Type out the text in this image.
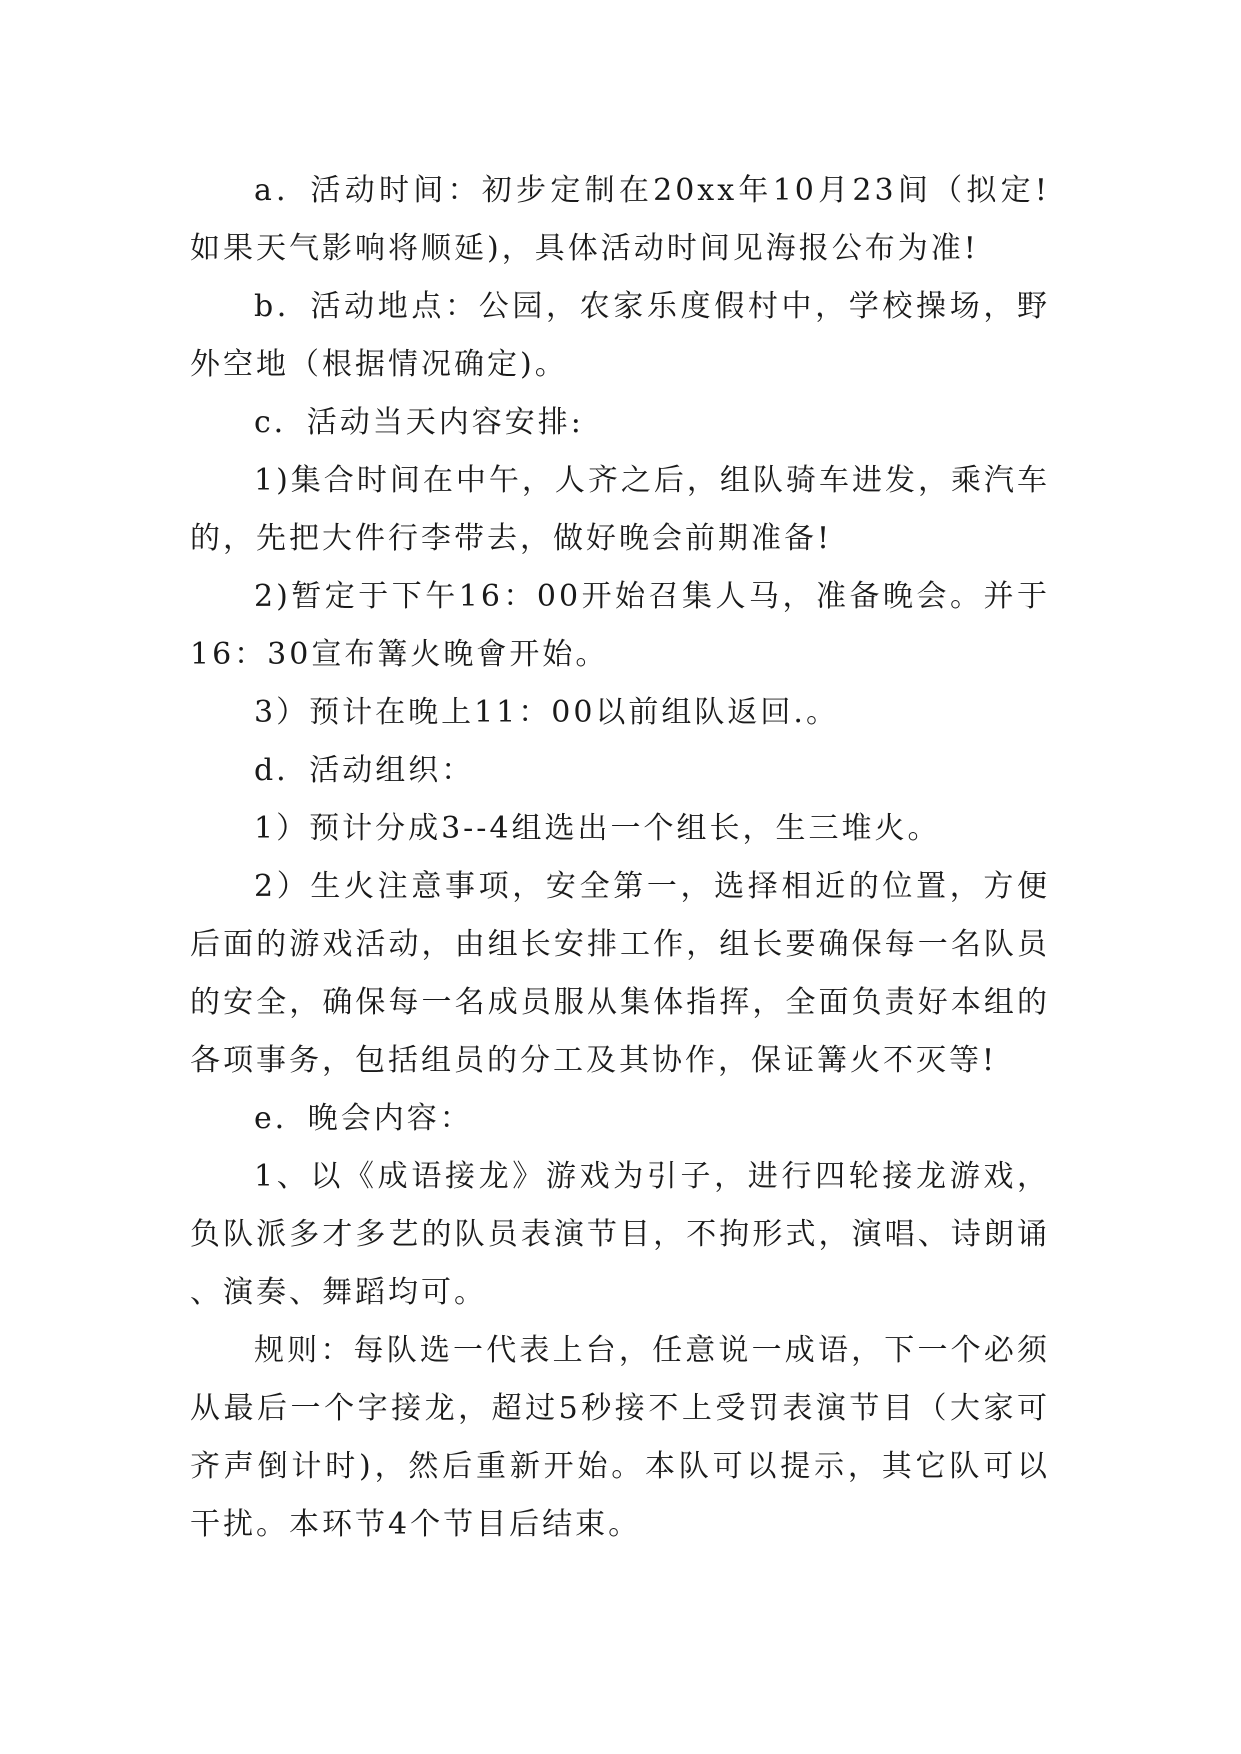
a．活动时间：初步定制在20xx年10月23间（拟定!如果天气影响将顺延)，具体活动时间见海报公布为准!

b．活动地点：公园，农家乐度假村中，学校操场，野外空地（根据情况确定)。

c．活动当天内容安排:

1)集合时间在中午，人齐之后，组队骑车进发，乘汽车的，先把大件行李带去，做好晚会前期准备!

2)暂定于下午16：00开始召集人马，准备晚会。并于16：30宣布篝火晚會开始。

3）预计在晚上11：00以前组队返回.。

d．活动组织：

1）预计分成3--4组选出一个组长，生三堆火。

2）生火注意事项，安全第一，选择相近的位置，方便后面的游戏活动，由组长安排工作，组长要确保每一名队员的安全，确保每一名成员服从集体指挥，全面负责好本组的各项事务，包括组员的分工及其协作，保证篝火不灭等!

e．晚会内容：

1、以《成语接龙》游戏为引子，进行四轮接龙游戏，负队派多才多艺的队员表演节目，不拘形式，演唱、诗朗诵、演奏、舞蹈均可。

规则：每队选一代表上台，任意说一成语，下一个必须从最后一个字接龙，超过5秒接不上受罚表演节目（大家可齐声倒计时)，然后重新开始。本队可以提示，其它队可以干扰。本环节4个节目后结束。
